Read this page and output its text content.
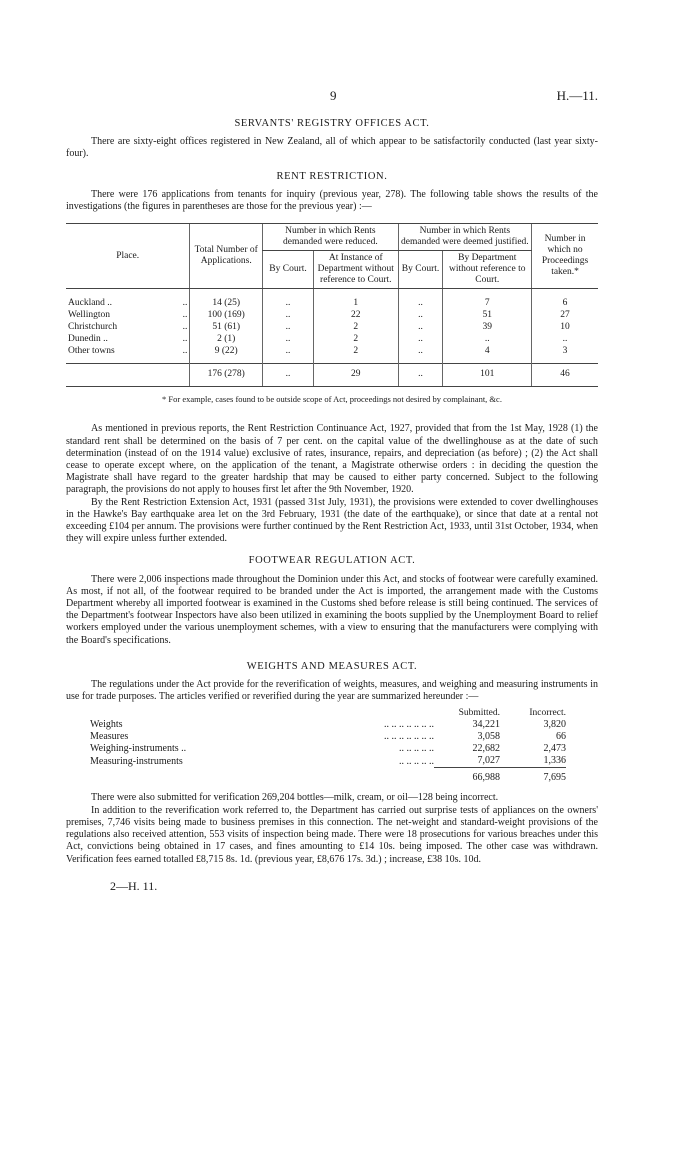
9	H.—11.
SERVANTS' REGISTRY OFFICES ACT.

There are sixty-eight offices registered in New Zealand, all of which appear to be satisfactorily conducted (last year sixty-four).

RENT RESTRICTION.

There were 176 applications from tenants for inquiry (previous year, 278). The following table shows the results of the investigations (the figures in parentheses are those for the previous year) :—

Place.	Total Number of Applications.	Number in which Rents demanded were reduced.		Number in which Rents demanded were deemed justified.		Number in which no Proceedings taken.*
		By Court.	At Instance of Department without reference to Court.	By Court.	By Department without reference to Court.	
Auckland .. ..	14 (25)	..	1	..	7	6
Wellington ..	100 (169)	..	22	..	51	27
Christchurch ..	51 (61)	..	2	..	39	10
Dunedin .. ..	2 (1)	..	2	..	..	..
Other towns ..	9 (22)	..	2	..	4	3
	176 (278)	..	29	..	101	46
* For example, cases found to be outside scope of Act, proceedings not desired by complainant, &c.

As mentioned in previous reports, the Rent Restriction Continuance Act, 1927, provided that from the 1st May, 1928 (1) the standard rent shall be determined on the basis of 7 per cent. on the capital value of the dwellinghouse as at the date of such determination (instead of on the 1914 value) exclusive of rates, insurance, repairs, and depreciation (as before) ; (2) the Act shall cease to operate except where, on the application of the tenant, a Magistrate otherwise orders : in deciding the question the Magistrate shall have regard to the greater hardship that may be caused to either party concerned. Subject to the following paragraph, the provisions do not apply to houses first let after the 9th November, 1920.

By the Rent Restriction Extension Act, 1931 (passed 31st July, 1931), the provisions were extended to cover dwellinghouses in the Hawke's Bay earthquake area let on the 3rd February, 1931 (the date of the earthquake), or since that date at a rental not exceeding £104 per annum. The provisions were further continued by the Rent Restriction Act, 1933, until 31st October, 1934, when they will expire unless further extended.

FOOTWEAR REGULATION ACT.

There were 2,006 inspections made throughout the Dominion under this Act, and stocks of footwear were carefully examined. As most, if not all, of the footwear required to be branded under the Act is imported, the arrangement made with the Customs Department whereby all imported footwear is examined in the Customs shed before release is still being continued. The services of the Department's footwear Inspectors have also been utilized in examining the boots supplied by the Unemployment Board to relief workers employed under the various unemployment schemes, with a view to ensuring that the manufacturers were complying with the Board's specifications.

WEIGHTS AND MEASURES ACT.

The regulations under the Act provide for the reverification of weights, measures, and weighing and measuring instruments in use for trade purposes. The articles verified or reverified during the year are summarized hereunder :—

	Submitted.	Incorrect.
Weights .. .. .. .. .. .. ..	34,221	3,820
Measures .. .. .. .. .. .. ..	3,058	66
Weighing-instruments .. .. .. .. .. ..	22,682	2,473
Measuring-instruments .. .. .. .. ..	7,027	1,336
	66,988	7,695

There were also submitted for verification 269,204 bottles—milk, cream, or oil—128 being incorrect.

In addition to the reverification work referred to, the Department has carried out surprise tests of appliances on the owners' premises, 7,746 visits being made to business premises in this connection. The net-weight and standard-weight provisions of the regulations also received attention, 553 visits of inspection being made. There were 18 prosecutions for various breaches under this Act, convictions being obtained in 17 cases, and fines amounting to £14 10s. being imposed. The other case was withdrawn. Verification fees earned totalled £8,715 8s. 1d. (previous year, £8,676 17s. 3d.) ; increase, £38 10s. 10d.

2—H. 11.
